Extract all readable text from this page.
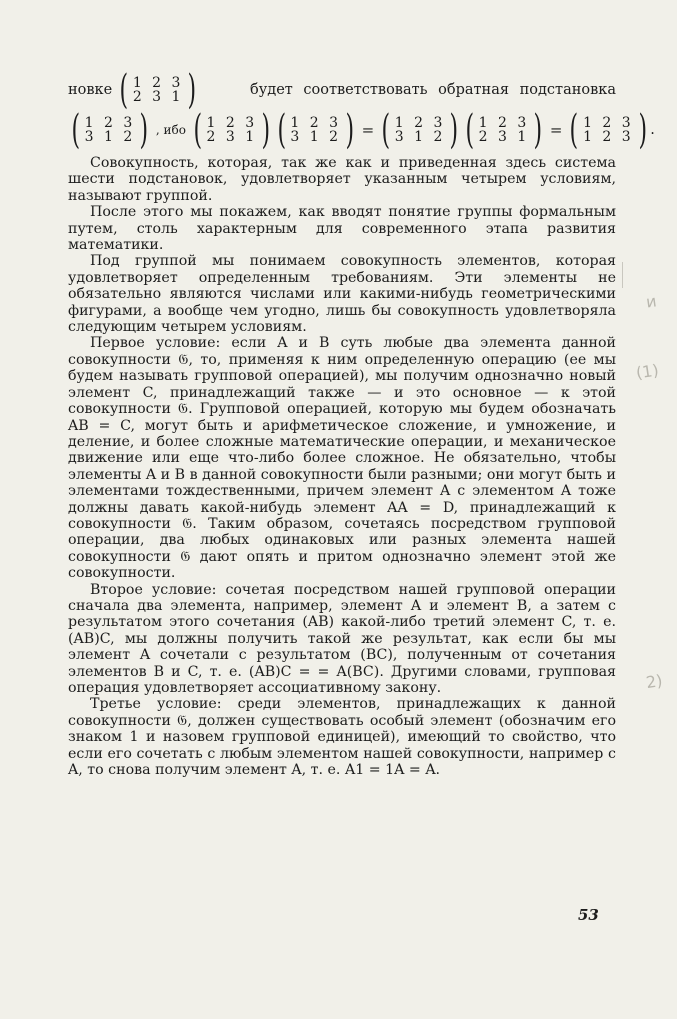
новке ( 1 2 3
2 3 1 )	будет соответствовать обратная подстановка
( 1 2 3
3 1 2 ) , ибо ( 1 2 3
2 3 1 ) ( 1 2 3
3 1 2 ) = ( 1 2 3
3 1 2 ) ( 1 2 3
2 3 1 ) = ( 1 2 3
1 2 3 ) .

Совокупность, которая, так же как и приведенная здесь система шести подстановок, удовлетворяет указанным четырем условиям, называют группой.

После этого мы покажем, как вводят понятие группы формальным путем, столь характерным для современного этапа развития математики.

Под группой мы понимаем совокупность элементов, которая удовлетворяет определенным требованиям. Эти элементы не обязательно являются числами или какими-нибудь геометрическими фигурами, а вообще чем угодно, лишь бы совокупность удовлетворяла следующим четырем условиям.

Первое условие: если A и B суть любые два элемента данной совокупности 𝔊, то, применяя к ним определенную операцию (ее мы будем называть групповой операцией), мы получим однозначно новый элемент C, принадлежащий также — и это основное — к этой совокупности 𝔊. Групповой операцией, которую мы будем обозначать AB = C, могут быть и арифметическое сложение, и умножение, и деление, и более сложные математические операции, и механическое движение или еще что-либо более сложное. Не обязательно, чтобы элементы A и B в данной совокупности были разными; они могут быть и элементами тождественными, причем элемент A с элементом A тоже должны давать какой-нибудь элемент AA = D, принадлежащий к совокупности 𝔊. Таким образом, сочетаясь посредством групповой операции, два любых одинаковых или разных элемента нашей совокупности 𝔊 дают опять и притом однозначно элемент этой же совокупности.

Второе условие: сочетая посредством нашей групповой операции сначала два элемента, например, элемент A и элемент B, а затем с результатом этого сочетания (AB) какой-либо третий элемент C, т. е. (AB)C, мы должны получить такой же результат, как если бы мы элемент A сочетали с результатом (BC), полученным от сочетания элементов B и C, т. е. (AB)C = = A(BC). Другими словами, групповая операция удовлетворяет ассоциативному закону.

Третье условие: среди элементов, принадлежащих к данной совокупности 𝔊, должен существовать особый элемент (обозначим его знаком 1 и назовем групповой единицей), имеющий то свойство, что если его сочетать с любым элементом нашей совокупности, например с A, то снова получим элемент A, т. е. A1 = 1A = A.

53
и
(1)
2)
